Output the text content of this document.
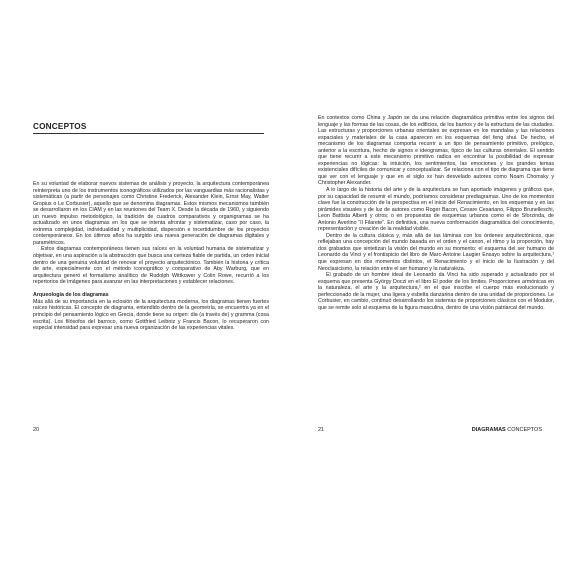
CONCEPTOS

En su voluntad de elaborar nuevos sistemas de análisis y proyecto, la arquitectura contemporánea reinterpreta uno de los instrumentos iconográficos utilizados por las vanguardias más racionalistas y sistemáticas (a partir de personajes como Christine Frederick, Alexander Klein, Ernst May, Walter Gropius o Le Corbusier), aquello que se denomina diagramas. Estos mismos mecanismos también se desarrollaron en los CIAM y en las reuniones del Team X. Desde la década de 1960, y siguiendo un nuevo impulso metodológico, la tradición de cuadros comparativos y organigramas se ha actualizado en unos diagramas en los que se intenta afrontar y sistematizar, caso por caso, la extrema complejidad, individualidad y multiplicidad, dispersión e incertidumbre de los proyectos contemporáneos. En los últimos años ha surgido una nueva generación de diagramas digitales y paramétricos.

Estos diagramas contemporáneos tienen sus raíces en la voluntad humana de sistematizar y objetivar, en una aspiración a la abstracción que busca una certeza fiable de partida, un orden inicial dentro de una genuina voluntad de renovar el proyecto arquitectónico. También la historia y crítica de arte, especialmente con el método iconográfico y comparativo de Aby Warburg, que en arquitectura generó el formalismo analítico de Rudolph Wittkower y Colin Rowe, recurrió a los repertorios de imágenes para avanzar en las interpretaciones y establecer relaciones.

Arqueología de los diagramas

Más allá de su importancia en la eclosión de la arquitectura moderna, los diagramas tienen fuertes raíces históricas. El concepto de diagrama, entendido dentro de la geometría, se encuentra ya en el principio del pensamiento lógico en Grecia, donde tiene su origen: dia (a través de) y gramma (cosa escrita). Los filósofos del barroco, como Gottfried Leibniz y Francis Bacon, lo recuperaron con especial intensidad para expresar una nueva organización de las experiencias vitales.

20

En contextos como China y Japón se da una relación diagramática primitiva entre los signos del lenguaje y las formas de las cosas, de los edificios, de los barrios y de la estructura de las ciudades. Las estructuras y proporciones urbanas orientales se expresan en los mandalas y las relaciones espaciales y materiales de la casa aparecen en los esquemas del feng shui. De hecho, el mecanismo de los diagramas comporta recurrir a un tipo de pensamiento primitivo, prelógico, anterior a la escritura, hecho de signos e ideogramas, típico de las culturas orientales. El sentido que tiene recurrir a este mecanismo primitivo radica en encontrar la posibilidad de expresar experiencias no lógicas: la intuición, los sentimientos, las emociones y los grandes temas existenciales difíciles de comunicar y conceptualizar. Se relaciona con el tipo de diagrama que tiene que ver con el lenguaje y que en el siglo xx han desvelado autores como Noam Chomsky y Christopher Alexander.

A lo largo de la historia del arte y de la arquitectura se han aportado imágenes y gráficos que, por su capacidad de resumir el mundo, podríamos considerar prediagramas. Uno de los momentos clave fue la construcción de la perspectiva en el inicio del Renacimiento, en los esquemas y en las pirámides visuales y de luz de autores como Roger Bacon, Cesare Cesariano, Filippo Brunelleschi, Leon Battista Alberti y otros; o en propuestas de esquemas urbanos como el de Sforzinda, de Antonio Averlino “Il Filarete”. En definitiva, una nueva conformación diagramática del conocimiento, representación y creación de la realidad visible.

Dentro de la cultura clásica y, más allá de las láminas con los órdenes arquitectónicos, que reflejaban una concepción del mundo basada en el orden y el canon, el ritmo y la proporción, hay dos grabados que sintetizan la visión del mundo en su momento: el esquema del ser humano de Leonardo da Vinci y el frontispicio del libro de Marc-Antoine Laugier Ensayo sobre la arquitectura,¹ que expresan en dos momentos distintos, el Renacimiento y el inicio de la Ilustración y del Neoclasicismo, la relación entre el ser humano y la naturaleza.

El grabado de un hombre ideal de Leonardo da Vinci ha sido superado y actualizado por el esquema que presenta György Doczi en el libro El poder de los límites. Proporciones armónicas en la naturaleza, el arte y la arquitectura,² en el que inscribe el cuerpo más evolucionado y perfeccionado de la mujer, una ligera y esbelta danzarina dentro de una unidad de proporciones. Le Corbusier, en cambio, continuó desarrollando los sistemas de proporciones clásicos con el Modulor, que se remite solo al esquema de la figura masculina, dentro de una visión patriarcal del mundo.

21	DIAGRAMAS CONCEPTOS
